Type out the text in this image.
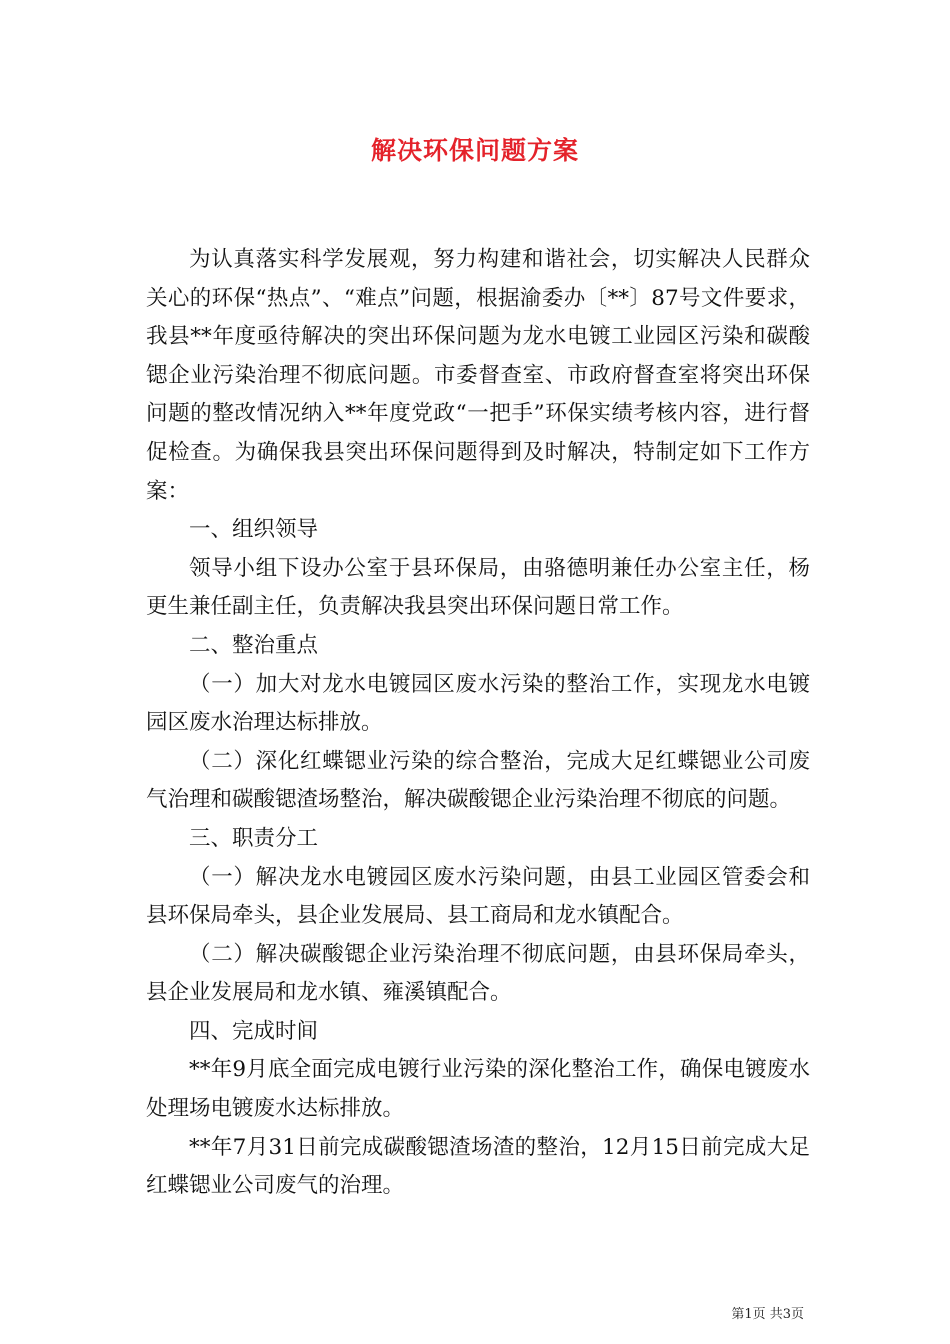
解决环保问题方案

为认真落实科学发展观，努力构建和谐社会，切实解决人民群众关心的环保“热点”、“难点”问题，根据渝委办〔**〕87号文件要求，我县**年度亟待解决的突出环保问题为龙水电镀工业园区污染和碳酸锶企业污染治理不彻底问题。市委督查室、市政府督查室将突出环保问题的整改情况纳入**年度党政“一把手”环保实绩考核内容，进行督促检查。为确保我县突出环保问题得到及时解决，特制定如下工作方案：

一、组织领导

领导小组下设办公室于县环保局，由骆德明兼任办公室主任，杨更生兼任副主任，负责解决我县突出环保问题日常工作。

二、整治重点

（一）加大对龙水电镀园区废水污染的整治工作，实现龙水电镀园区废水治理达标排放。

（二）深化红蝶锶业污染的综合整治，完成大足红蝶锶业公司废气治理和碳酸锶渣场整治，解决碳酸锶企业污染治理不彻底的问题。

三、职责分工

（一）解决龙水电镀园区废水污染问题，由县工业园区管委会和县环保局牵头，县企业发展局、县工商局和龙水镇配合。

（二）解决碳酸锶企业污染治理不彻底问题，由县环保局牵头，县企业发展局和龙水镇、雍溪镇配合。

四、完成时间

**年9月底全面完成电镀行业污染的深化整治工作，确保电镀废水处理场电镀废水达标排放。

**年7月31日前完成碳酸锶渣场渣的整治，12月15日前完成大足红蝶锶业公司废气的治理。

第1页 共3页
